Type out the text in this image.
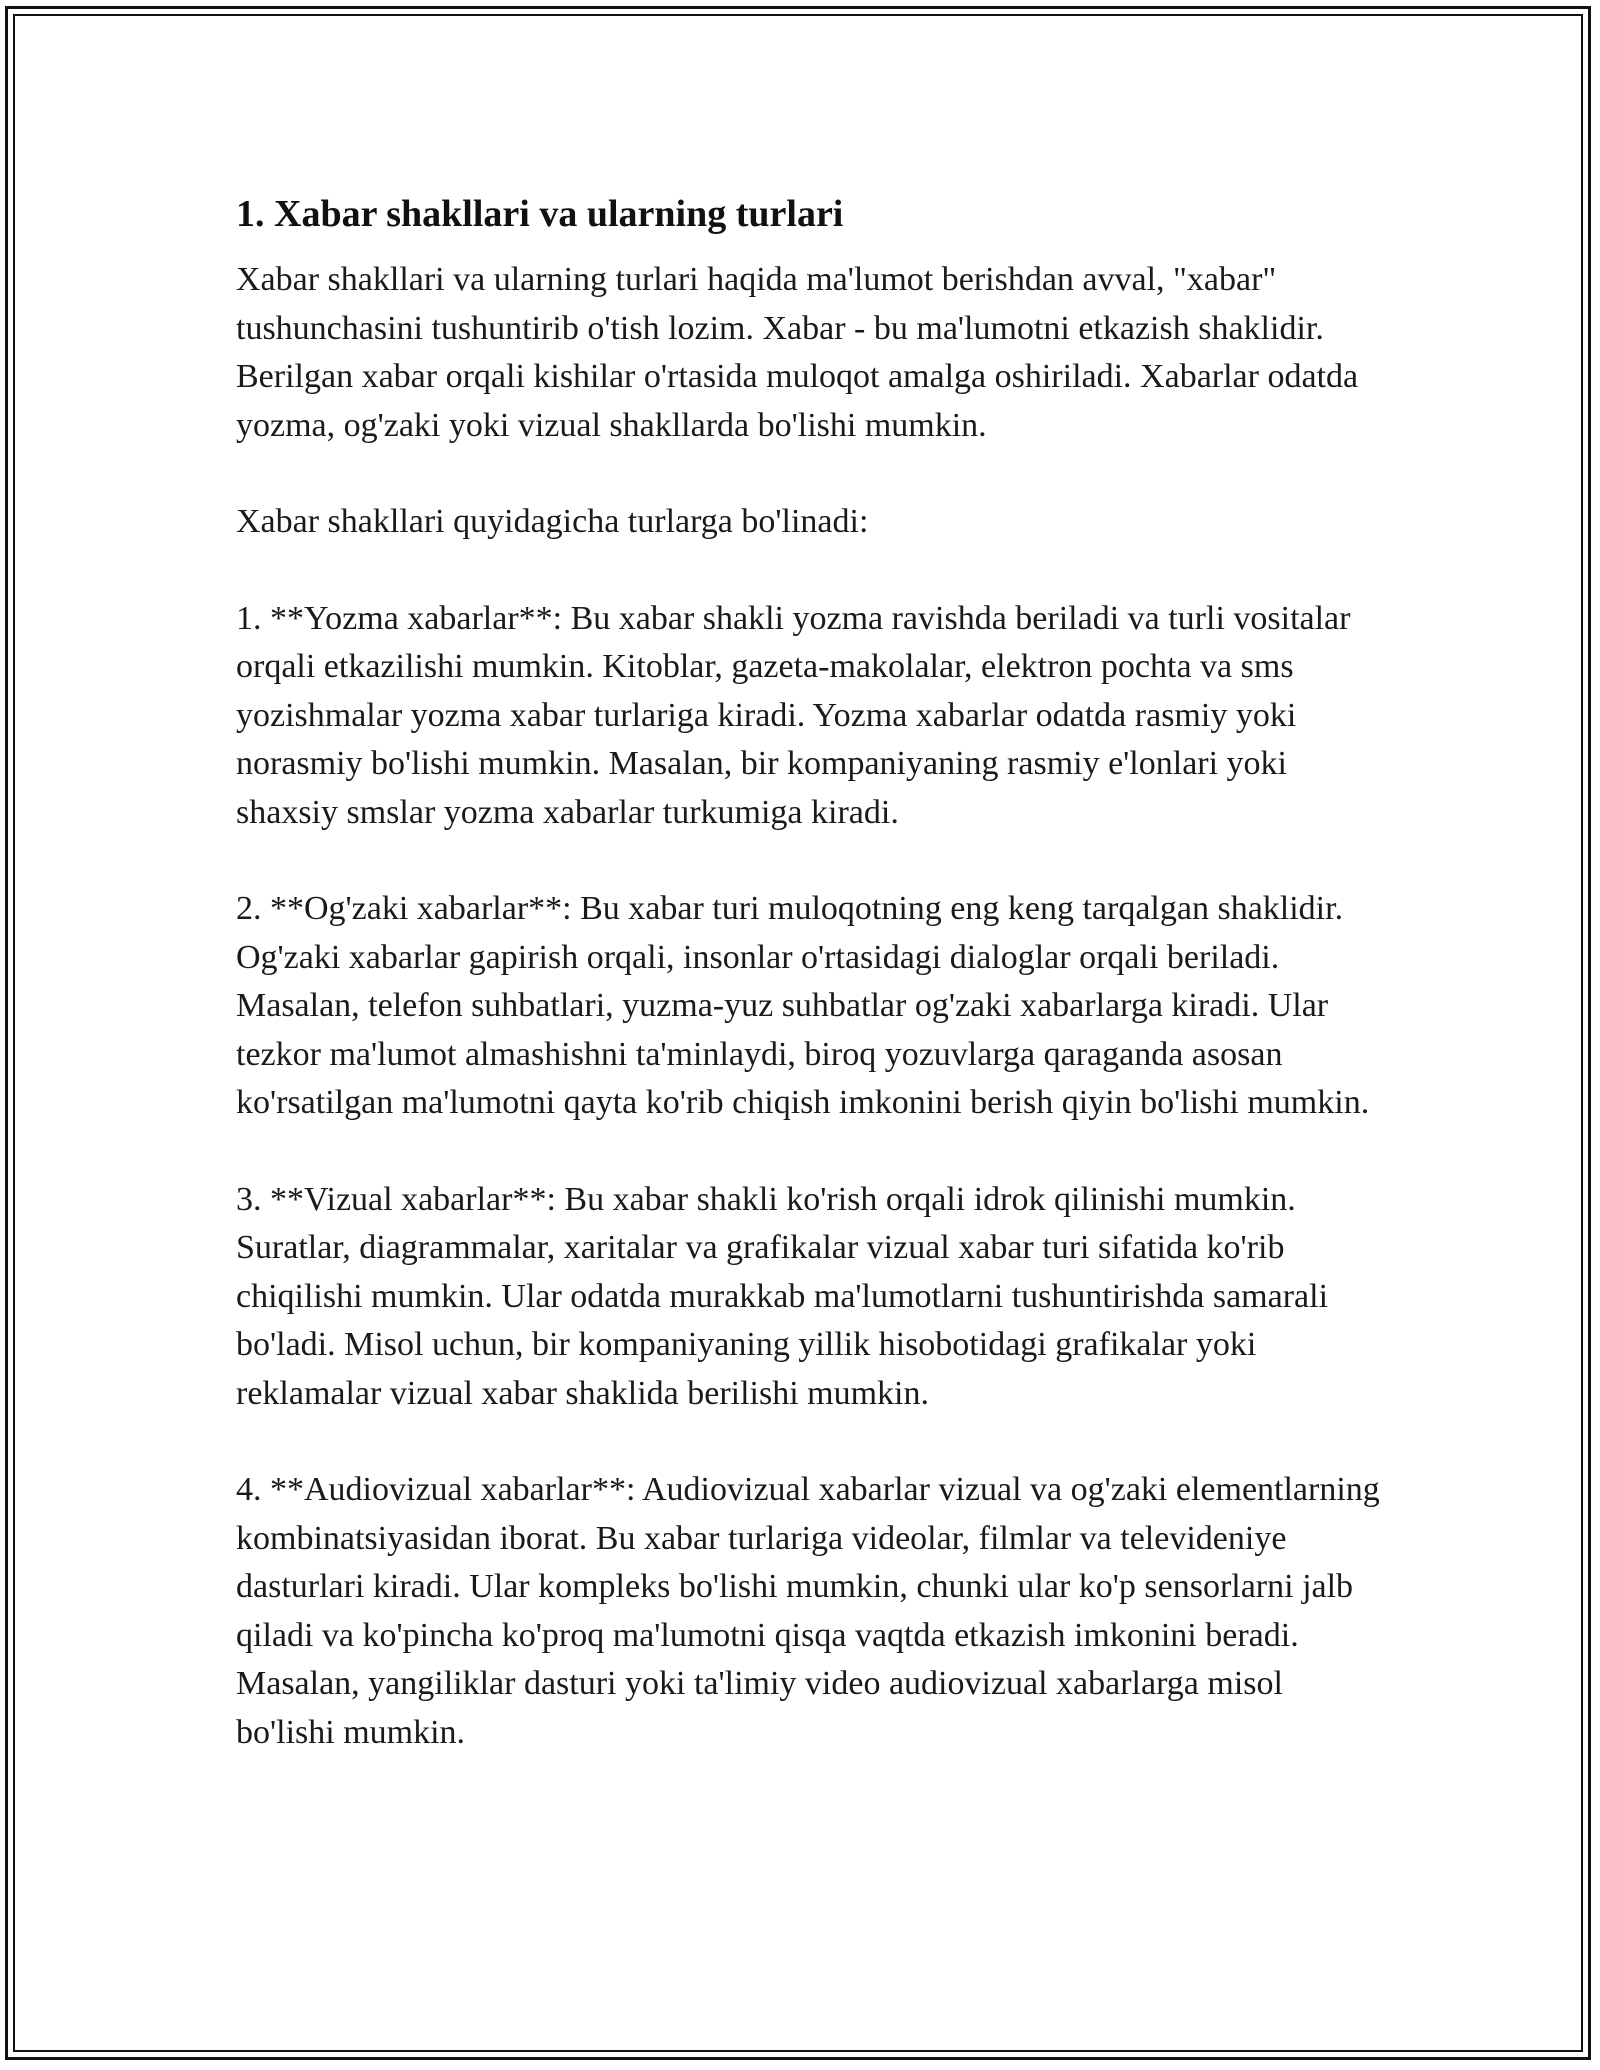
1. Xabar shakllari va ularning turlari

Xabar shakllari va ularning turlari haqida ma'lumot berishdan avval, "xabar" tushunchasini tushuntirib o'tish lozim. Xabar - bu ma'lumotni etkazish shaklidir. Berilgan xabar orqali kishilar o'rtasida muloqot amalga oshiriladi. Xabarlar odatda yozma, og'zaki yoki vizual shakllarda bo'lishi mumkin.

Xabar shakllari quyidagicha turlarga bo'linadi:

1. **Yozma xabarlar**: Bu xabar shakli yozma ravishda beriladi va turli vositalar orqali etkazilishi mumkin. Kitoblar, gazeta-makolalar, elektron pochta va sms yozishmalar yozma xabar turlariga kiradi. Yozma xabarlar odatda rasmiy yoki norasmiy bo'lishi mumkin. Masalan, bir kompaniyaning rasmiy e'lonlari yoki shaxsiy smslar yozma xabarlar turkumiga kiradi.

2. **Og'zaki xabarlar**: Bu xabar turi muloqotning eng keng tarqalgan shaklidir. Og'zaki xabarlar gapirish orqali, insonlar o'rtasidagi dialoglar orqali beriladi. Masalan, telefon suhbatlari, yuzma-yuz suhbatlar og'zaki xabarlarga kiradi. Ular tezkor ma'lumot almashishni ta'minlaydi, biroq yozuvlarga qaraganda asosan ko'rsatilgan ma'lumotni qayta ko'rib chiqish imkonini berish qiyin bo'lishi mumkin.

3. **Vizual xabarlar**: Bu xabar shakli ko'rish orqali idrok qilinishi mumkin. Suratlar, diagrammalar, xaritalar va grafikalar vizual xabar turi sifatida ko'rib chiqilishi mumkin. Ular odatda murakkab ma'lumotlarni tushuntirishda samarali bo'ladi. Misol uchun, bir kompaniyaning yillik hisobotidagi grafikalar yoki reklamalar vizual xabar shaklida berilishi mumkin.

4. **Audiovizual xabarlar**: Audiovizual xabarlar vizual va og'zaki elementlarning kombinatsiyasidan iborat. Bu xabar turlariga videolar, filmlar va televideniye dasturlari kiradi. Ular kompleks bo'lishi mumkin, chunki ular ko'p sensorlarni jalb qiladi va ko'pincha ko'proq ma'lumotni qisqa vaqtda etkazish imkonini beradi. Masalan, yangiliklar dasturi yoki ta'limiy video audiovizual xabarlarga misol bo'lishi mumkin.
